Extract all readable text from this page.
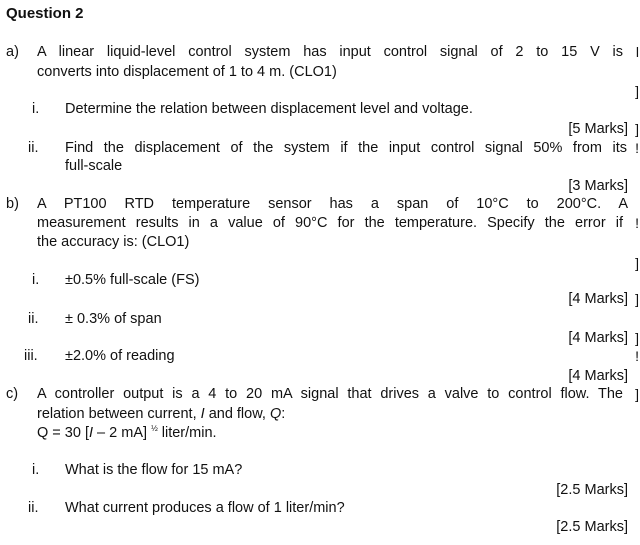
Question 2
a) A linear liquid-level control system has input control signal of 2 to 15 V is l
converts into displacement of 1 to 4 m. (CLO1)
]
i. Determine the relation between displacement level and voltage.
[5 Marks] ]
ii. Find the displacement of the system if the input control signal 50% from its !
full-scale
[3 Marks]
b) A PT100 RTD temperature sensor has a span of 10°C to 200°C. A
measurement results in a value of 90°C for the temperature. Specify the error if !
the accuracy is: (CLO1)
]
i. ±0.5% full-scale (FS)
[4 Marks] ]
ii. ± 0.3% of span
[4 Marks] ]
iii. ±2.0% of reading	!
[4 Marks]
c) A controller output is a 4 to 20 mA signal that drives a valve to control flow. The ]
relation between current, I and flow, Q:
Q = 30 [I – 2 mA] $^{\frac{1}{2}}$ liter/min.
i. What is the flow for 15 mA?
[2.5 Marks]
ii. What current produces a flow of 1 liter/min?
[2.5 Marks]
